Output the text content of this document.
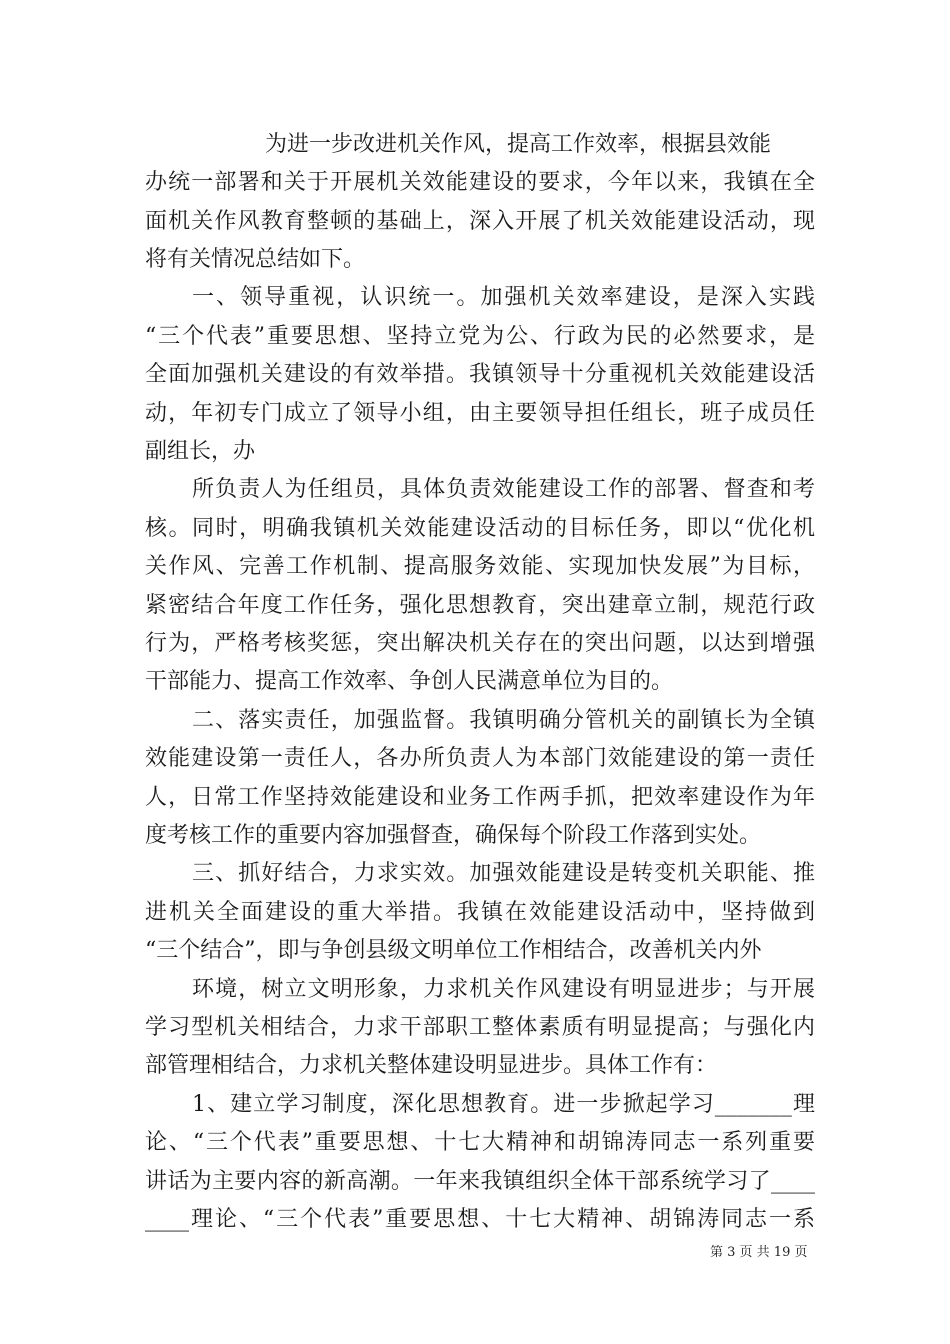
为进一步改进机关作风，提高工作效率，根据县效能
办统一部署和关于开展机关效能建设的要求，今年以来，我镇在全
面机关作风教育整顿的基础上，深入开展了机关效能建设活动，现
将有关情况总结如下。
一、领导重视，认识统一。加强机关效率建设，是深入实践
“三个代表”重要思想、坚持立党为公、行政为民的必然要求，是
全面加强机关建设的有效举措。我镇领导十分重视机关效能建设活
动，年初专门成立了领导小组，由主要领导担任组长，班子成员任
副组长，办
所负责人为任组员，具体负责效能建设工作的部署、督查和考
核。同时，明确我镇机关效能建设活动的目标任务，即以“优化机
关作风、完善工作机制、提高服务效能、实现加快发展”为目标，
紧密结合年度工作任务，强化思想教育，突出建章立制，规范行政
行为，严格考核奖惩，突出解决机关存在的突出问题，以达到增强
干部能力、提高工作效率、争创人民满意单位为目的。
二、落实责任，加强监督。我镇明确分管机关的副镇长为全镇
效能建设第一责任人，各办所负责人为本部门效能建设的第一责任
人，日常工作坚持效能建设和业务工作两手抓，把效率建设作为年
度考核工作的重要内容加强督查，确保每个阶段工作落到实处。
三、抓好结合，力求实效。加强效能建设是转变机关职能、推
进机关全面建设的重大举措。我镇在效能建设活动中，坚持做到
“三个结合”，即与争创县级文明单位工作相结合，改善机关内外
环境，树立文明形象，力求机关作风建设有明显进步；与开展
学习型机关相结合，力求干部职工整体素质有明显提高；与强化内
部管理相结合，力求机关整体建设明显进步。具体工作有：
1、建立学习制度，深化思想教育。进一步掀起学习_______理
论、“三个代表”重要思想、十七大精神和胡锦涛同志一系列重要
讲话为主要内容的新高潮。一年来我镇组织全体干部系统学习了____
____理论、“三个代表”重要思想、十七大精神、胡锦涛同志一系
第 3 页 共 19 页
